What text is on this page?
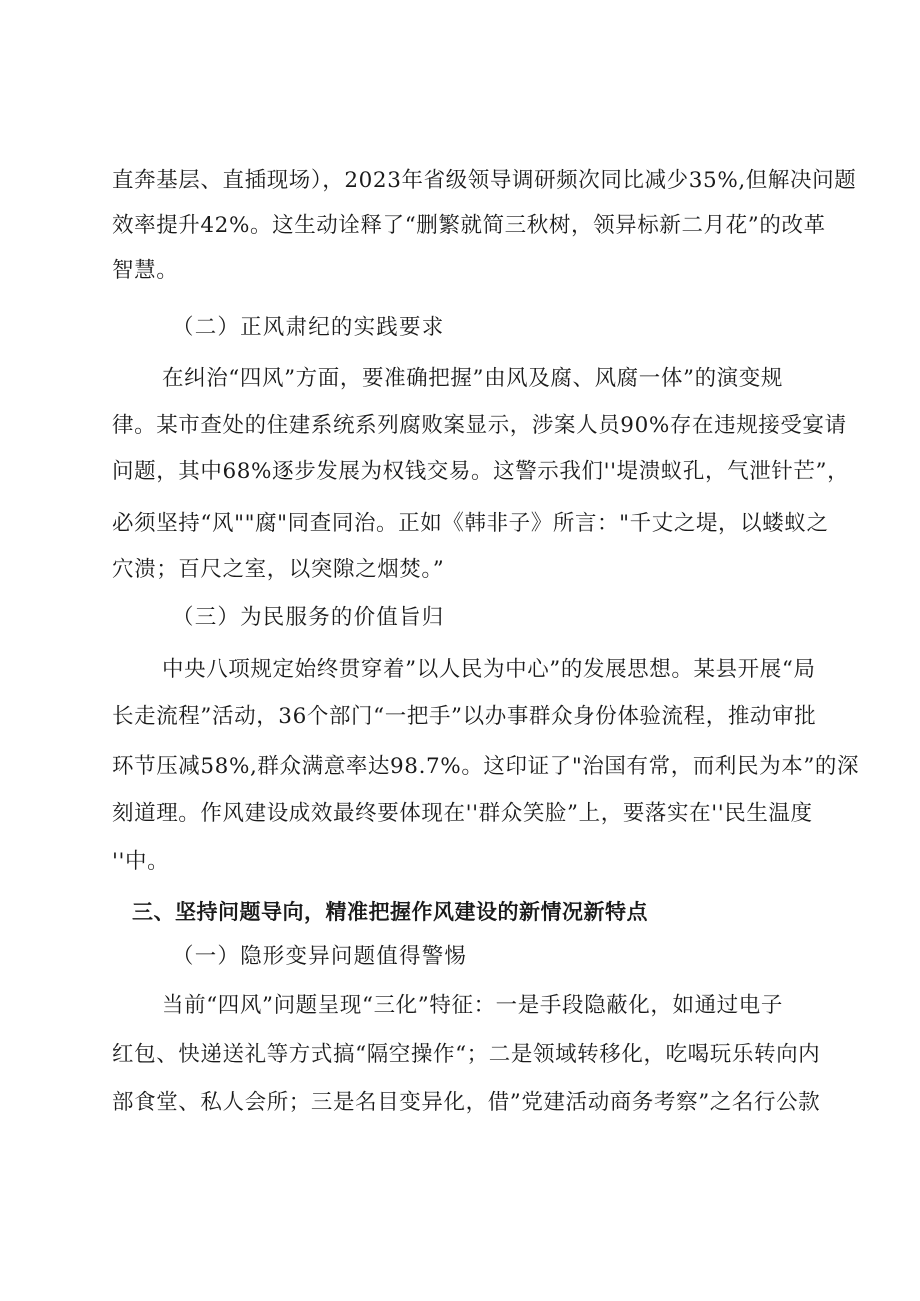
直奔基层、直插现场），2023年省级领导调研频次同比减少35%,但解决问题
效率提升42%。这生动诠释了“删繁就简三秋树，领异标新二月花”的改革
智慧。
（二）正风肃纪的实践要求
在纠治“四风”方面，要准确把握”由风及腐、风腐一体”的演变规
律。某市查处的住建系统系列腐败案显示，涉案人员90%存在违规接受宴请
问题，其中68%逐步发展为权钱交易。这警示我们''堤溃蚁孔，气泄针芒”，
必须坚持“风""腐"同查同治。正如《韩非子》所言："千丈之堤，以蝼蚁之
穴溃；百尺之室，以突隙之烟焚。”
（三）为民服务的价值旨归
中央八项规定始终贯穿着”以人民为中心”的发展思想。某县开展“局
长走流程”活动，36个部门“一把手”以办事群众身份体验流程，推动审批
环节压减58%,群众满意率达98.7%。这印证了"治国有常，而利民为本”的深
刻道理。作风建设成效最终要体现在''群众笑脸”上，要落实在''民生温度
''中。
三、坚持问题导向，精准把握作风建设的新情况新特点
（一）隐形变异问题值得警惕
当前“四风”问题呈现“三化”特征：一是手段隐蔽化，如通过电子
红包、快递送礼等方式搞“隔空操作“；二是领域转移化，吃喝玩乐转向内
部食堂、私人会所；三是名目变异化，借”党建活动商务考察”之名行公款
